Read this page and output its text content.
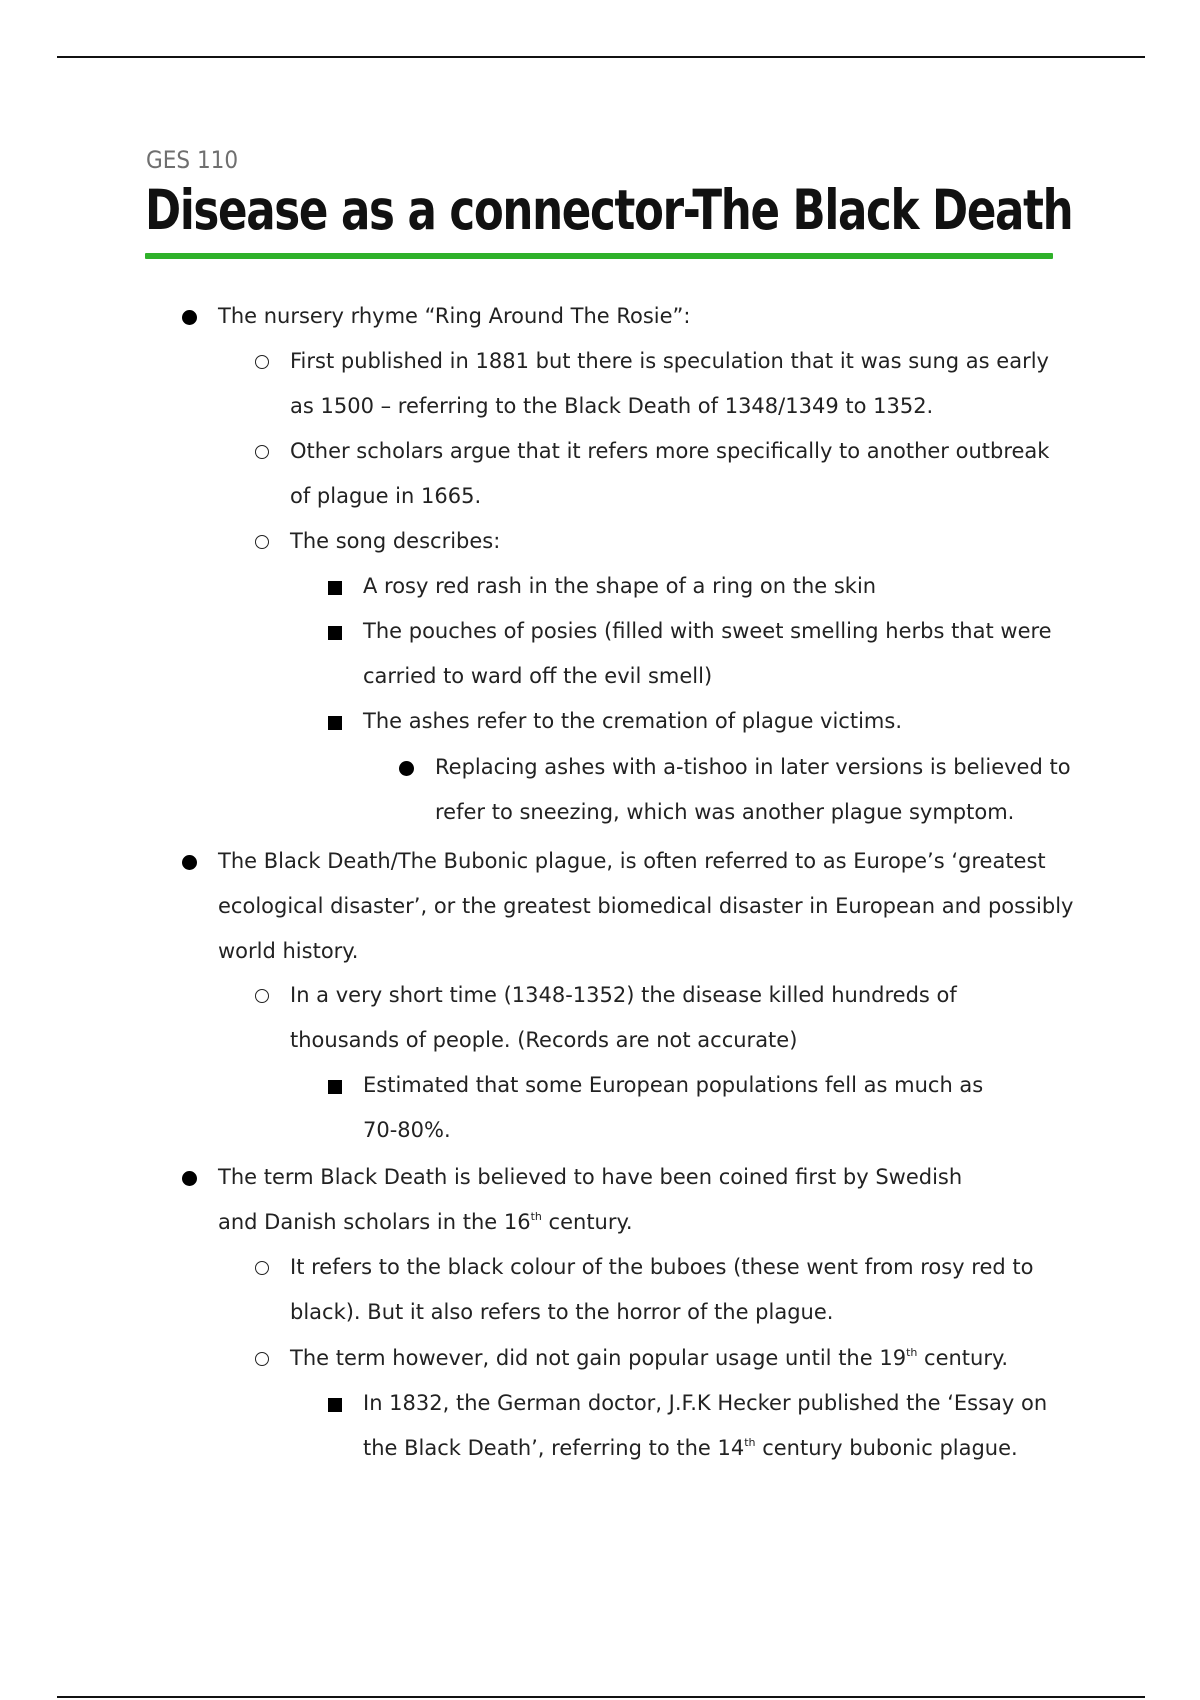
GES 110
Disease as a connector-The Black Death
The nursery rhyme “Ring Around The Rosie”:
First published in 1881 but there is speculation that it was sung as early as 1500 – referring to the Black Death of 1348/1349 to 1352.
Other scholars argue that it refers more specifically to another outbreak of plague in 1665.
The song describes:
A rosy red rash in the shape of a ring on the skin
The pouches of posies (filled with sweet smelling herbs that were carried to ward off the evil smell)
The ashes refer to the cremation of plague victims.
Replacing ashes with a-tishoo in later versions is believed to refer to sneezing, which was another plague symptom.
The Black Death/The Bubonic plague, is often referred to as Europe’s ‘greatest ecological disaster’, or the greatest biomedical disaster in European and possibly world history.
In a very short time (1348-1352) the disease killed hundreds of thousands of people. (Records are not accurate)
Estimated that some European populations fell as much as 70-80%.
The term Black Death is believed to have been coined first by Swedish and Danish scholars in the 16th century.
It refers to the black colour of the buboes (these went from rosy red to black). But it also refers to the horror of the plague.
The term however, did not gain popular usage until the 19th century.
In 1832, the German doctor, J.F.K Hecker published the ‘Essay on the Black Death’, referring to the 14th century bubonic plague.
